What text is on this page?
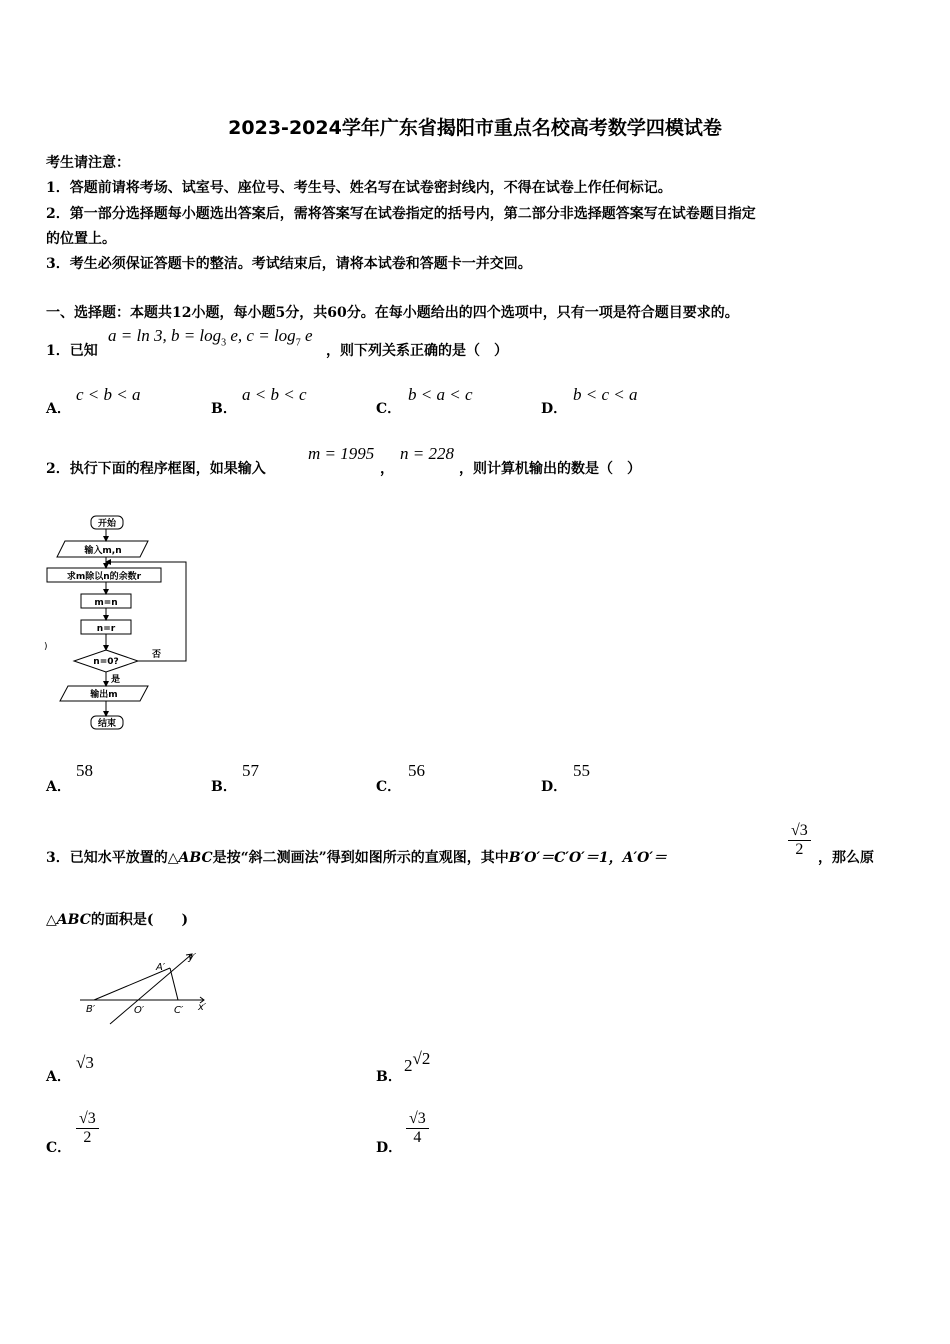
2023-2024学年广东省揭阳市重点名校高考数学四模试卷
考生请注意：
1．答题前请将考场、试室号、座位号、考生号、姓名写在试卷密封线内，不得在试卷上作任何标记。
2．第一部分选择题每小题选出答案后，需将答案写在试卷指定的括号内，第二部分非选择题答案写在试卷题目指定
的位置上。
3．考生必须保证答题卡的整洁。考试结束后，请将本试卷和答题卡一并交回。
一、选择题：本题共12小题，每小题5分，共60分。在每小题给出的四个选项中，只有一项是符合题目要求的。
1．已知
a = ln 3, $b = \log_3 e$, $c = \log_7 e$
，则下列关系正确的是（　）
A．
c < b < a
B．
a < b < c
C．
b < a < c
D．
b < c < a
2．执行下面的程序框图，如果输入
m = 1995
，
n = 228
，则计算机输出的数是（　）
开始
输入m,n
求m除以n的余数r
m=n
n=r
n=0?
否
是
输出m
结束
)
A．
58
B．
57
C．
56
D．
55
3．已知水平放置的△ABC是按“斜二测画法”得到如图所示的直观图，其中B′O′＝C′O′＝1，A′O′＝	$\frac{√3}{2}$ ，那么原
△ABC的面积是(　　)
A′
B′	O′	C′ x′
y′
A．
√3
B．
2√2
C．
$\frac{√3}{2}$
D．
$\frac{√3}{4}$
